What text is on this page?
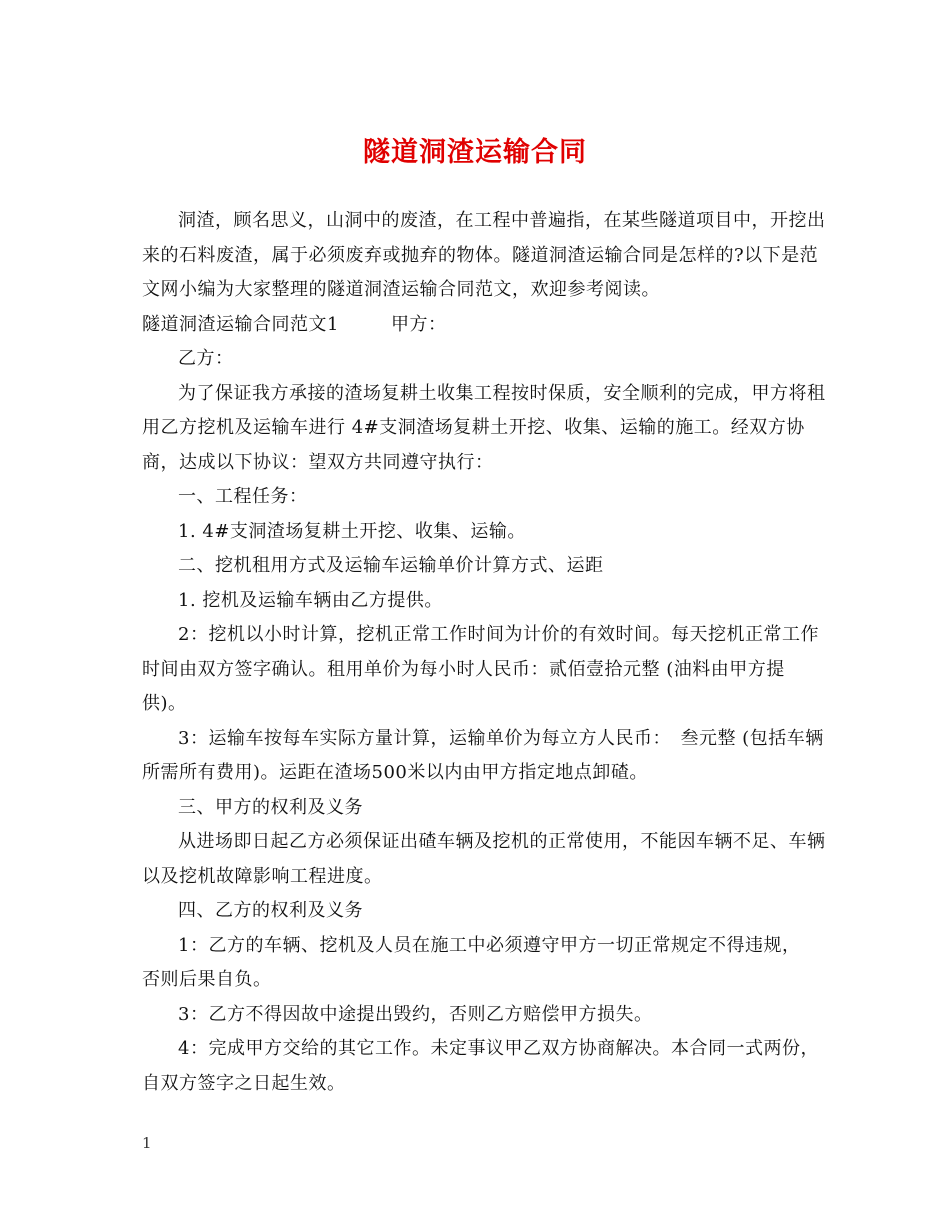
隧道洞渣运输合同

洞渣，顾名思义，山洞中的废渣，在工程中普遍指，在某些隧道项目中，开挖出来的石料废渣，属于必须废弃或抛弃的物体。隧道洞渣运输合同是怎样的?以下是范文网小编为大家整理的隧道洞渣运输合同范文，欢迎参考阅读。

隧道洞渣运输合同范文1	甲方：

乙方：

为了保证我方承接的渣场复耕土收集工程按时保质，安全顺利的完成，甲方将租用乙方挖机及运输车进行 4#支洞渣场复耕土开挖、收集、运输的施工。经双方协商，达成以下协议：望双方共同遵守执行：

一、工程任务：

1. 4#支洞渣场复耕土开挖、收集、运输。

二、挖机租用方式及运输车运输单价计算方式、运距

1. 挖机及运输车辆由乙方提供。

2：挖机以小时计算，挖机正常工作时间为计价的有效时间。每天挖机正常工作时间由双方签字确认。租用单价为每小时人民币：贰佰壹拾元整 (油料由甲方提供)。

3：运输车按每车实际方量计算，运输单价为每立方人民币：　叁元整 (包括车辆所需所有费用)。运距在渣场500米以内由甲方指定地点卸碴。

三、甲方的权利及义务

从进场即日起乙方必须保证出碴车辆及挖机的正常使用，不能因车辆不足、车辆以及挖机故障影响工程进度。

四、乙方的权利及义务

1：乙方的车辆、挖机及人员在施工中必须遵守甲方一切正常规定不得违规，

否则后果自负。

3：乙方不得因故中途提出毁约，否则乙方赔偿甲方损失。

4：完成甲方交给的其它工作。未定事议甲乙双方协商解决。本合同一式两份，自双方签字之日起生效。

1
